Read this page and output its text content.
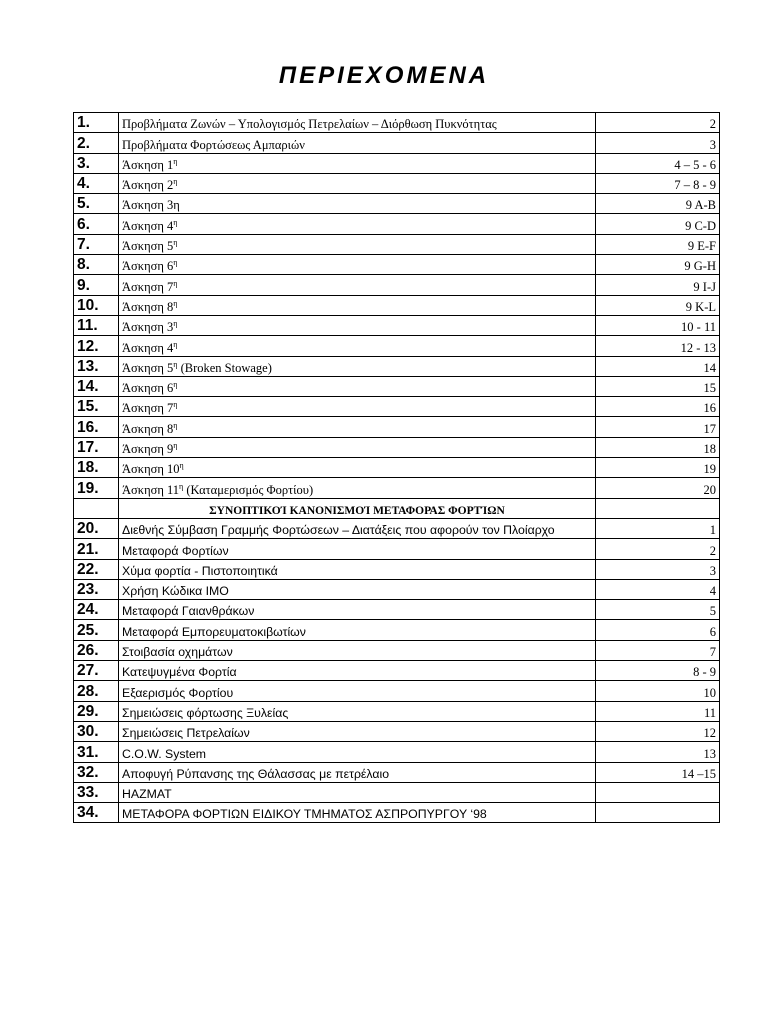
ΠΕΡΙΕΧΟΜΕΝΑ
1.	Προβλήματα Ζωνών – Υπολογισμός Πετρελαίων – Διόρθωση Πυκνότητας	2
2.	Προβλήματα Φορτώσεως Αμπαριών	3
3.	Άσκηση $1^\eta$	4 – 5 - 6
4.	Άσκηση $2^\eta$	7 – 8 - 9
5.	Άσκηση 3η	9 A-B
6.	Άσκηση $4^\eta$	9 C-D
7.	Άσκηση $5^\eta$	9 E-F
8.	Άσκηση $6^\eta$	9 G-H
9.	Άσκηση $7^\eta$	9 I-J
10.	Άσκηση $8^\eta$	9 K-L
11.	Άσκηση $3^\eta$	10 - 11
12.	Άσκηση $4^\eta$	12 - 13
13.	Άσκηση $5^\eta$ (Broken Stowage)	14
14.	Άσκηση $6^\eta$	15
15.	Άσκηση $7^\eta$	16
16.	Άσκηση $8^\eta$	17
17.	Άσκηση $9^\eta$	18
18.	Άσκηση $10^\eta$	19
19.	Άσκηση $11^\eta$ (Καταμερισμός Φορτίου)	20
	ΣΥΝΟΠΤΙΚΟΊ ΚΑΝΟΝΙΣΜΟΊ ΜΕΤΑΦΟΡΑΣ ΦΟΡΤΊΩΝ	
20.	Διεθνής Σύμβαση Γραμμής Φορτώσεων – Διατάξεις που αφορούν τον Πλοίαρχο	1
21.	Μεταφορά Φορτίων	2
22.	Χύμα φορτία - Πιστοποιητικά	3
23.	Χρήση Κώδικα ΙΜΟ	4
24.	Μεταφορά Γαιανθράκων	5
25.	Μεταφορά Εμπορευματοκιβωτίων	6
26.	Στοιβασία οχημάτων	7
27.	Κατεψυγμένα Φορτία	8 - 9
28.	Εξαερισμός Φορτίου	10
29.	Σημειώσεις φόρτωσης Ξυλείας	11
30.	Σημειώσεις Πετρελαίων	12
31.	C.O.W. System	13
32.	Αποφυγή Ρύπανσης της Θάλασσας με πετρέλαιο	14 –15
33.	HAZMAT	
34.	ΜΕΤΑΦΟΡΑ ΦΟΡΤΙΩΝ ΕΙΔΙΚΟΥ ΤΜΗΜΑΤΟΣ ΑΣΠΡΟΠΥΡΓΟΥ ‘98	
